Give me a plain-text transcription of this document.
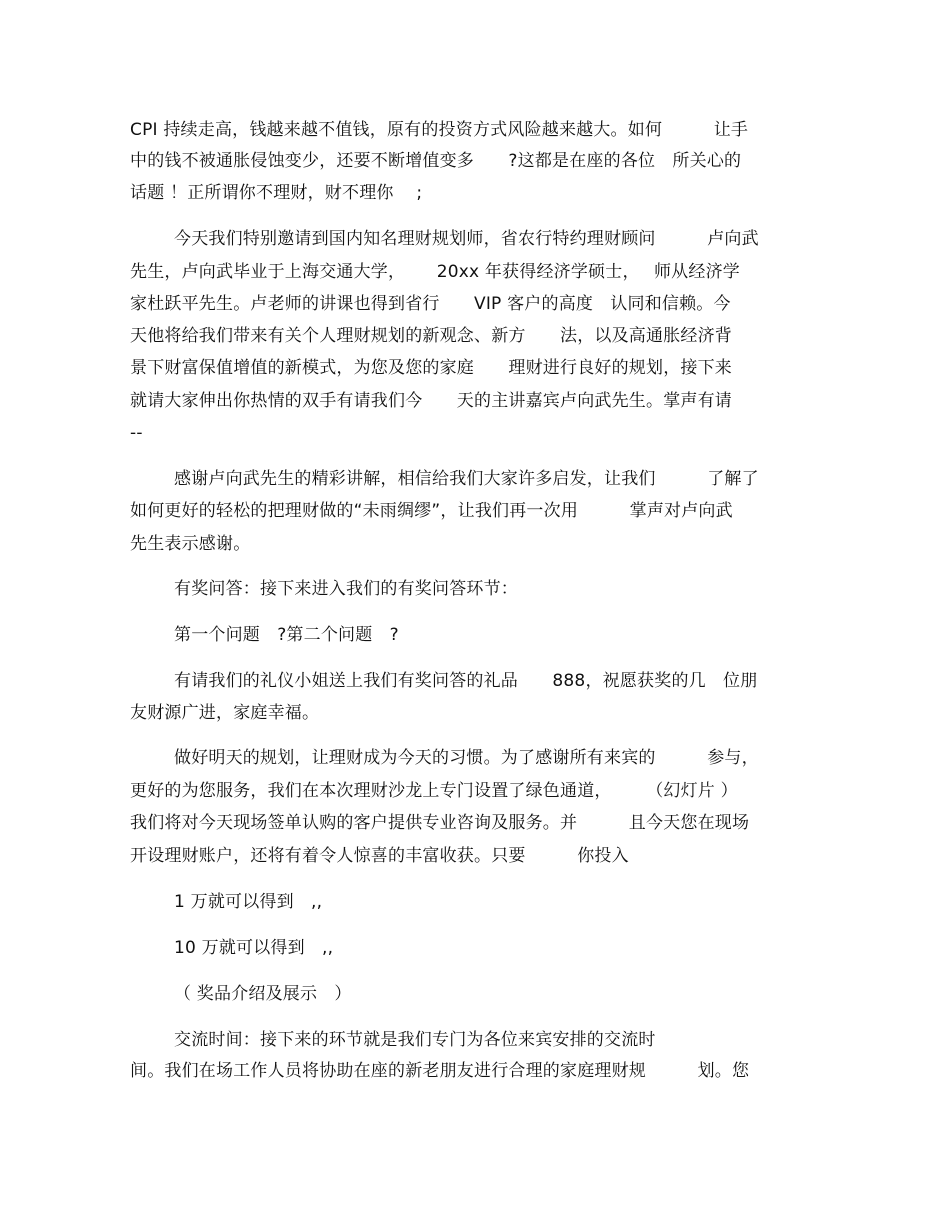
CPI 持续走高，钱越来越不值钱，原有的投资方式风险越来越大。如何　　　让手
中的钱不被通胀侵蚀变少，还要不断增值变多　　?这都是在座的各位　所关心的
话题 ！正所谓你不理财，财不理你　 ;
今天我们特别邀请到国内知名理财规划师，省农行特约理财顾问　　　卢向武
先生，卢向武毕业于上海交通大学，　　 20xx 年获得经济学硕士，　 师从经济学
家杜跃平先生。卢老师的讲课也得到省行　　VIP 客户的高度　认同和信赖。今
天他将给我们带来有关个人理财规划的新观念、新方　　法，以及高通胀经济背
景下财富保值增值的新模式，为您及您的家庭　　理财进行良好的规划，接下来
就请大家伸出你热情的双手有请我们今　　天的主讲嘉宾卢向武先生。掌声有请
--
感谢卢向武先生的精彩讲解，相信给我们大家许多启发，让我们　　　了解了
如何更好的轻松的把理财做的“未雨绸缪”，让我们再一次用　　　掌声对卢向武
先生表示感谢。
有奖问答：接下来进入我们的有奖问答环节：
第一个问题　?第二个问题　?
有请我们的礼仪小姐送上我们有奖问答的礼品　　888，祝愿获奖的几　位朋
友财源广进，家庭幸福。
做好明天的规划，让理财成为今天的习惯。为了感谢所有来宾的　　　参与，
更好的为您服务，我们在本次理财沙龙上专门设置了绿色通道，　　　（幻灯片 ）
我们将对今天现场签单认购的客户提供专业咨询及服务。并　　　且今天您在现场
开设理财账户，还将有着令人惊喜的丰富收获。只要　　　你投入
1 万就可以得到　,,
10 万就可以得到　,,
（ 奖品介绍及展示　）
交流时间：接下来的环节就是我们专门为各位来宾安排的交流时
间。我们在场工作人员将协助在座的新老朋友进行合理的家庭理财规　　　划。您
